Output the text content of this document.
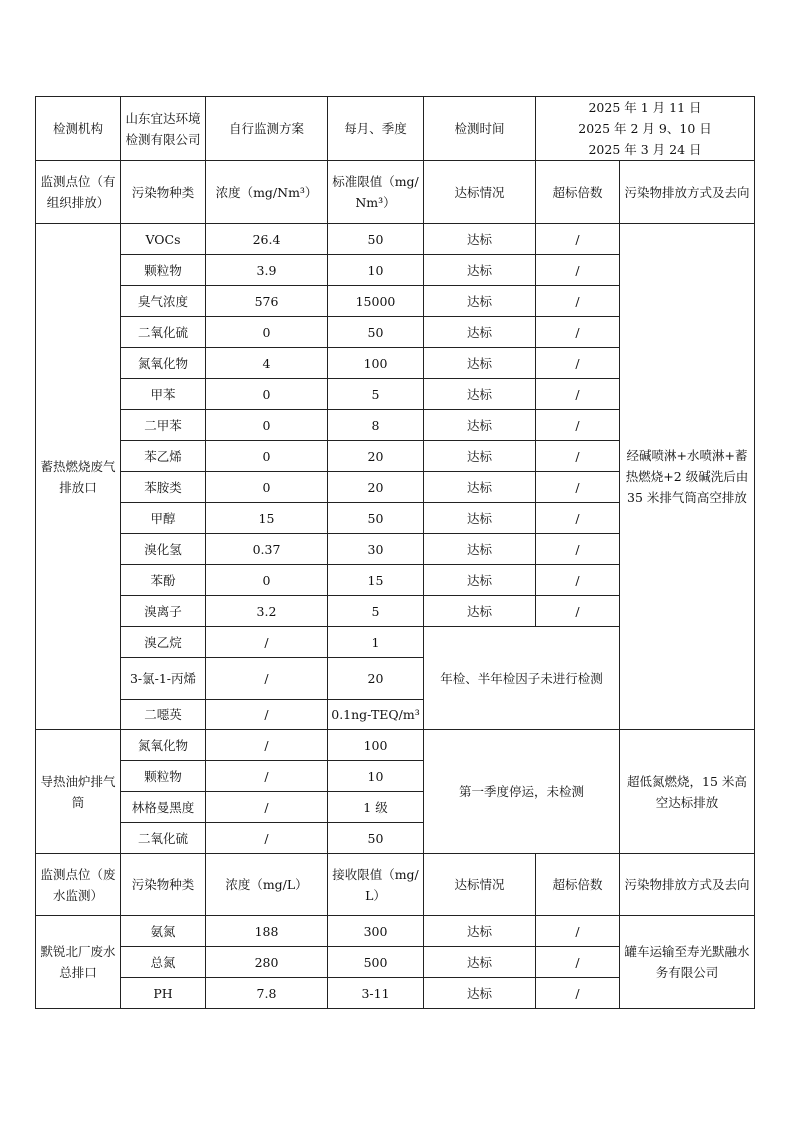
检测机构	山东宜达环境检测有限公司	自行监测方案	每月、季度	检测时间	2025 年 1 月 11 日
2025 年 2 月 9、10 日
2025 年 3 月 24 日	

监测点位（有组织排放）	污染物种类	浓度（mg/Nm³）	标准限值（mg/Nm³）	达标情况	超标倍数	污染物排放方式及去向
蓄热燃烧废气排放口	VOCs	26.4	50	达标	/	经碱喷淋+水喷淋+蓄热燃烧+2 级碱洗后由 35 米排气筒高空排放
	颗粒物	3.9	10	达标	/	
	臭气浓度	576	15000	达标	/	
	二氧化硫	0	50	达标	/	
	氮氧化物	4	100	达标	/	
	甲苯	0	5	达标	/	
	二甲苯	0	8	达标	/	
	苯乙烯	0	20	达标	/	
	苯胺类	0	20	达标	/	
	甲醇	15	50	达标	/	
	溴化氢	0.37	30	达标	/	
	苯酚	0	15	达标	/	
	溴离子	3.2	5	达标	/	
	溴乙烷	/	1	年检、半年检因子未进行检测		
	3-氯-1-丙烯	/	20			
	二噁英	/	0.1ng-TEQ/m³			
导热油炉排气筒	氮氧化物	/	100	第一季度停运，未检测		超低氮燃烧，15 米高空达标排放
	颗粒物	/	10			
	林格曼黑度	/	1 级			
	二氧化硫	/	50			
监测点位（废水监测）	污染物种类	浓度（mg/L）	接收限值（mg/L）	达标情况	超标倍数	污染物排放方式及去向
默锐北厂废水总排口	氨氮	188	300	达标	/	罐车运输至寿光默融水务有限公司
	总氮	280	500	达标	/	
	PH	7.8	3-11	达标	/	
